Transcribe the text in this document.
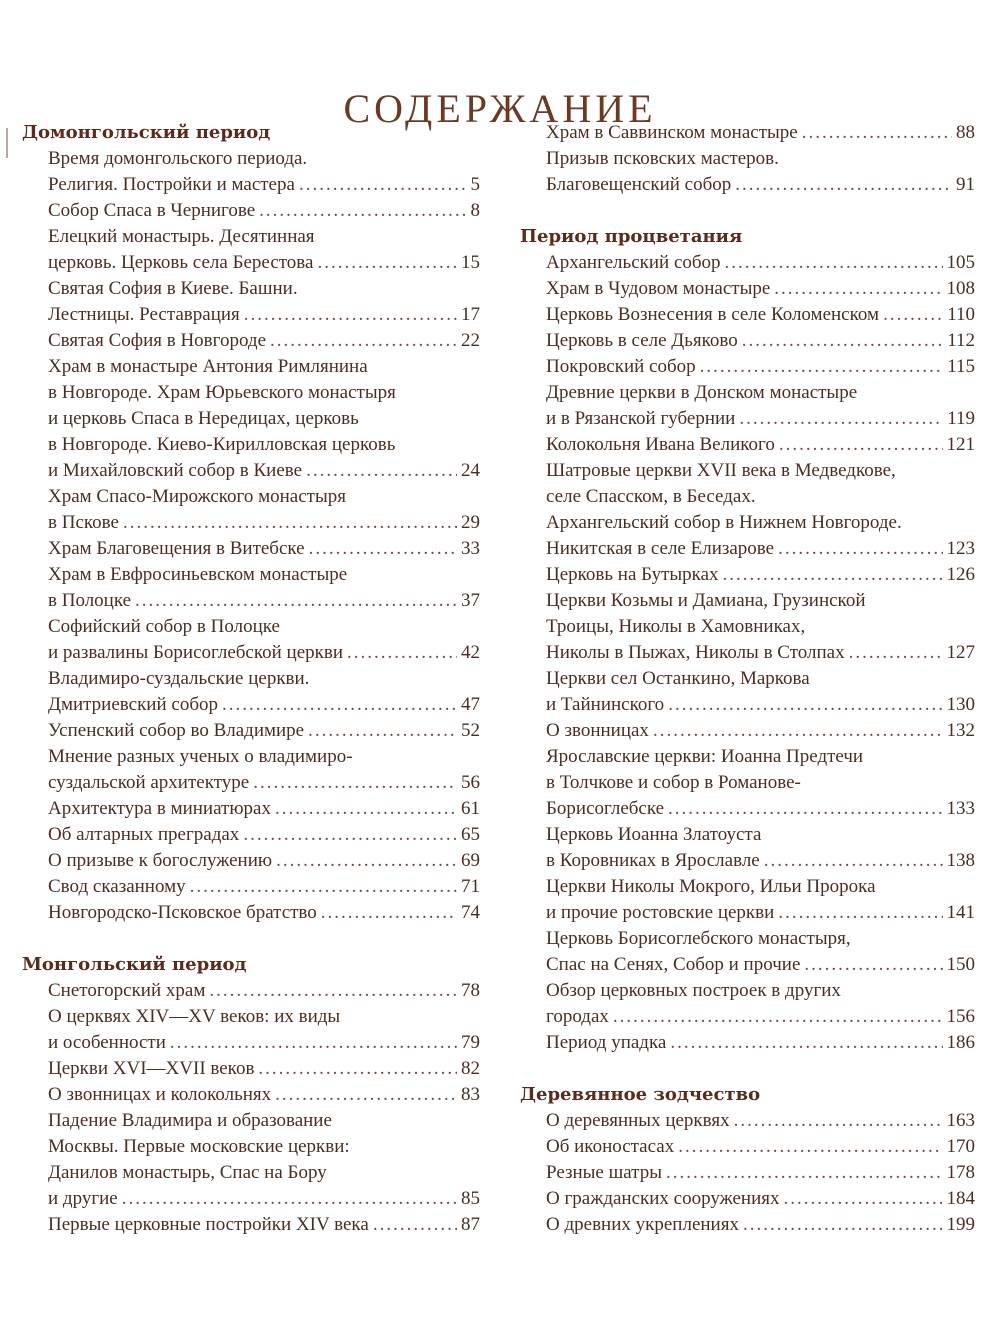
СОДЕРЖАНИЕ
Домонгольский период
Время домонгольского периода.
Религия. Постройки и мастера .....	5
Собор Спаса в Чернигове .....	8
Елецкий монастырь. Десятинная
церковь. Церковь села Берестова .....	15
Святая София в Киеве. Башни.
Лестницы. Реставрация .....	17
Святая София в Новгороде .....	22
Храм в монастыре Антония Римлянина
в Новгороде. Храм Юрьевского монастыря
и церковь Спаса в Нередицах, церковь
в Новгороде. Киево-Кирилловская церковь
и Михайловский собор в Киеве .....	24
Храм Спасо-Мирожского монастыря
в Пскове .....	29
Храм Благовещения в Витебске .....	33
Храм в Евфросиньевском монастыре
в Полоцке .....	37
Софийский собор в Полоцке
и развалины Борисоглебской церкви .....	42
Владимиро-суздальские церкви.
Дмитриевский собор .....	47
Успенский собор во Владимире .....	52
Мнение разных ученых о владимиро-
суздальской архитектуре .....	56
Архитектура в миниатюрах .....	61
Об алтарных преградах .....	65
О призыве к богослужению .....	69
Свод сказанному .....	71
Новгородско-Псковское братство .....	74
Монгольский период
Снетогорский храм .....	78
О церквях XIV—XV веков: их виды
и особенности .....	79
Церкви XVI—XVII веков .....	82
О звонницах и колокольнях .....	83
Падение Владимира и образование
Москвы. Первые московские церкви:
Данилов монастырь, Спас на Бору
и другие .....	85
Первые церковные постройки XIV века .....	87
Храм в Саввинском монастыре .....	88
Призыв псковских мастеров.
Благовещенский собор .....	91
Период процветания
Архангельский собор .....	105
Храм в Чудовом монастыре .....	108
Церковь Вознесения в селе Коломенском .....	110
Церковь в селе Дьяково .....	112
Покровский собор .....	115
Древние церкви в Донском монастыре
и в Рязанской губернии .....	119
Колокольня Ивана Великого .....	121
Шатровые церкви XVII века в Медведкове,
селе Спасском, в Беседах.
Архангельский собор в Нижнем Новгороде.
Никитская в селе Елизарове .....	123
Церковь на Бутырках .....	126
Церкви Козьмы и Дамиана, Грузинской
Троицы, Николы в Хамовниках,
Николы в Пыжах, Николы в Столпах .....	127
Церкви сел Останкино, Маркова
и Тайнинского .....	130
О звонницах .....	132
Ярославские церкви: Иоанна Предтечи
в Толчкове и собор в Романове-
Борисоглебске .....	133
Церковь Иоанна Златоуста
в Коровниках в Ярославле .....	138
Церкви Николы Мокрого, Ильи Пророка
и прочие ростовские церкви .....	141
Церковь Борисоглебского монастыря,
Спас на Сенях, Собор и прочие .....	150
Обзор церковных построек в других
городах .....	156
Период упадка .....	186
Деревянное зодчество
О деревянных церквях .....	163
Об иконостасах .....	170
Резные шатры .....	178
О гражданских сооружениях .....	184
О древних укреплениях .....	199
